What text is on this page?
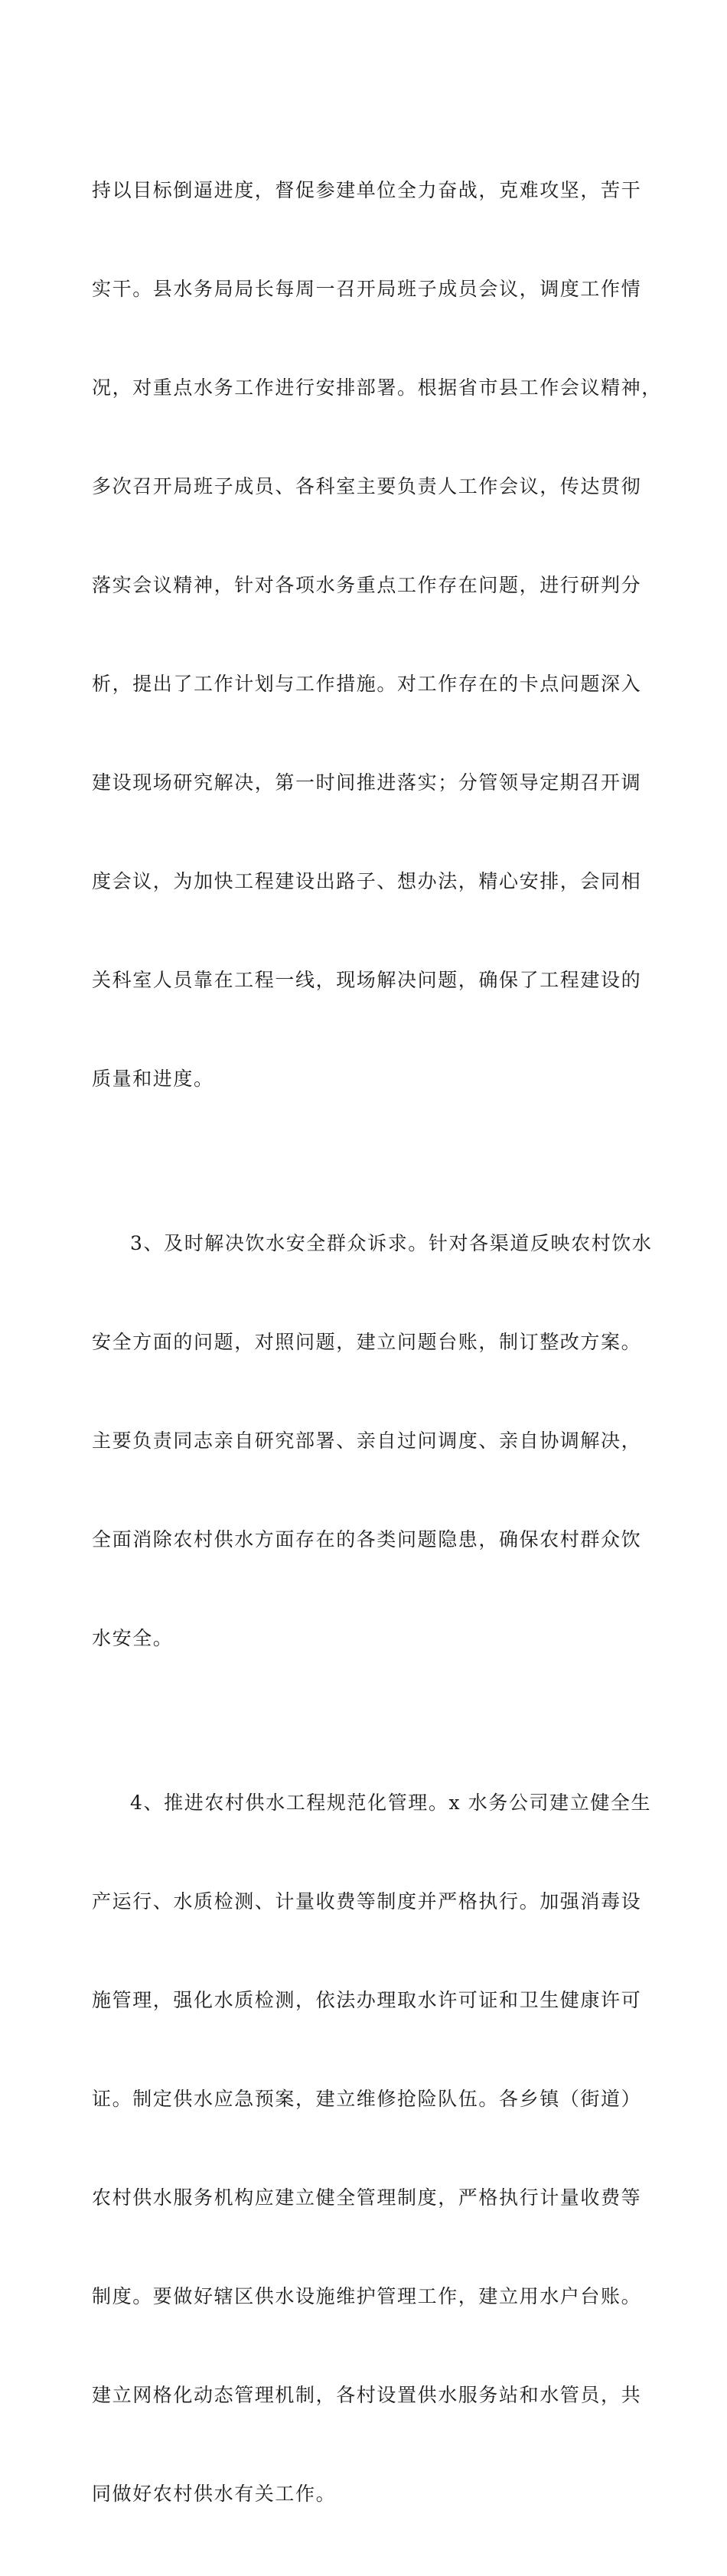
持以目标倒逼进度，督促参建单位全力奋战，克难攻坚，苦干

实干。县水务局局长每周一召开局班子成员会议，调度工作情

况，对重点水务工作进行安排部署。根据省市县工作会议精神，

多次召开局班子成员、各科室主要负责人工作会议，传达贯彻

落实会议精神，针对各项水务重点工作存在问题，进行研判分

析，提出了工作计划与工作措施。对工作存在的卡点问题深入

建设现场研究解决，第一时间推进落实；分管领导定期召开调

度会议，为加快工程建设出路子、想办法，精心安排，会同相

关科室人员靠在工程一线，现场解决问题，确保了工程建设的

质量和进度。

3、及时解决饮水安全群众诉求。针对各渠道反映农村饮水

安全方面的问题，对照问题，建立问题台账，制订整改方案。

主要负责同志亲自研究部署、亲自过问调度、亲自协调解决，

全面消除农村供水方面存在的各类问题隐患，确保农村群众饮

水安全。

4、推进农村供水工程规范化管理。x 水务公司建立健全生

产运行、水质检测、计量收费等制度并严格执行。加强消毒设

施管理，强化水质检测，依法办理取水许可证和卫生健康许可

证。制定供水应急预案，建立维修抢险队伍。各乡镇（街道）

农村供水服务机构应建立健全管理制度，严格执行计量收费等

制度。要做好辖区供水设施维护管理工作，建立用水户台账。

建立网格化动态管理机制，各村设置供水服务站和水管员，共

同做好农村供水有关工作。
